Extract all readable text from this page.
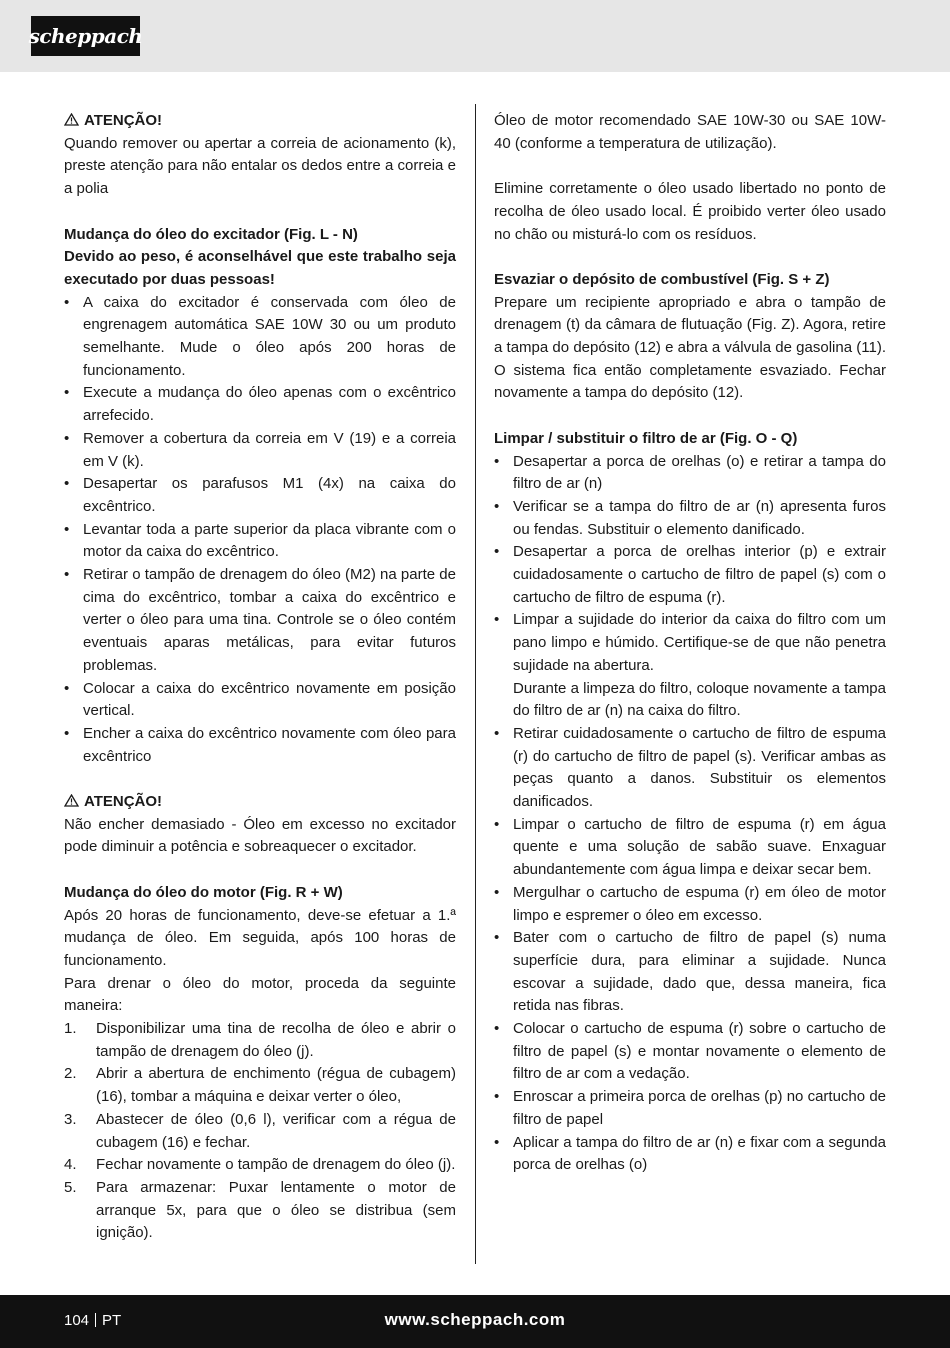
scheppach

ATENÇÃO!

Quando remover ou apertar a correia de acionamento (k), preste atenção para não entalar os dedos entre a correia e a polia

Mudança do óleo do excitador (Fig. L - N)

Devido ao peso, é aconselhável que este trabalho seja executado por duas pessoas!

• A caixa do excitador é conservada com óleo de engrenagem automática SAE 10W 30 ou um produto semelhante. Mude o óleo após 200 horas de funcionamento.
• Execute a mudança do óleo apenas com o excêntrico arrefecido.
• Remover a cobertura da correia em V (19) e a correia em V (k).
• Desapertar os parafusos M1 (4x) na caixa do excêntrico.
• Levantar toda a parte superior da placa vibrante com o motor da caixa do excêntrico.
• Retirar o tampão de drenagem do óleo (M2) na parte de cima do excêntrico, tombar a caixa do excêntrico e verter o óleo para uma tina. Controle se o óleo contém eventuais aparas metálicas, para evitar futuros problemas.
• Colocar a caixa do excêntrico novamente em posição vertical.
• Encher a caixa do excêntrico novamente com óleo para excêntrico

ATENÇÃO!

Não encher demasiado - Óleo em excesso no excitador pode diminuir a potência e sobreaquecer o excitador.

Mudança do óleo do motor (Fig. R + W)

Após 20 horas de funcionamento, deve-se efetuar a 1.ª mudança de óleo. Em seguida, após 100 horas de funcionamento.

Para drenar o óleo do motor, proceda da seguinte maneira:

1. Disponibilizar uma tina de recolha de óleo e abrir o tampão de drenagem do óleo (j).
2. Abrir a abertura de enchimento (régua de cubagem) (16), tombar a máquina e deixar verter o óleo,
3. Abastecer de óleo (0,6 l), verificar com a régua de cubagem (16) e fechar.
4. Fechar novamente o tampão de drenagem do óleo (j).
5. Para armazenar: Puxar lentamente o motor de arranque 5x, para que o óleo se distribua (sem ignição).

Óleo de motor recomendado SAE 10W-30 ou SAE 10W-40 (conforme a temperatura de utilização).

Elimine corretamente o óleo usado libertado no ponto de recolha de óleo usado local. É proibido verter óleo usado no chão ou misturá-lo com os resíduos.

Esvaziar o depósito de combustível (Fig. S + Z)

Prepare um recipiente apropriado e abra o tampão de drenagem (t) da câmara de flutuação (Fig. Z). Agora, retire a tampa do depósito (12) e abra a válvula de gasolina (11). O sistema fica então completamente esvaziado. Fechar novamente a tampa do depósito (12).

Limpar / substituir o filtro de ar (Fig. O - Q)

• Desapertar a porca de orelhas (o) e retirar a tampa do filtro de ar (n)
• Verificar se a tampa do filtro de ar (n) apresenta furos ou fendas. Substituir o elemento danificado.
• Desapertar a porca de orelhas interior (p) e extrair cuidadosamente o cartucho de filtro de papel (s) com o cartucho de filtro de espuma (r).
• Limpar a sujidade do interior da caixa do filtro com um pano limpo e húmido. Certifique-se de que não penetra sujidade na abertura.
Durante a limpeza do filtro, coloque novamente a tampa do filtro de ar (n) na caixa do filtro.
• Retirar cuidadosamente o cartucho de filtro de espuma (r) do cartucho de filtro de papel (s). Verificar ambas as peças quanto a danos. Substituir os elementos danificados.
• Limpar o cartucho de filtro de espuma (r) em água quente e uma solução de sabão suave. Enxaguar abundantemente com água limpa e deixar secar bem.
• Mergulhar o cartucho de espuma (r) em óleo de motor limpo e espremer o óleo em excesso.
• Bater com o cartucho de filtro de papel (s) numa superfície dura, para eliminar a sujidade. Nunca escovar a sujidade, dado que, dessa maneira, fica retida nas fibras.
• Colocar o cartucho de espuma (r) sobre o cartucho de filtro de papel (s) e montar novamente o elemento de filtro de ar com a vedação.
• Enroscar a primeira porca de orelhas (p) no cartucho de filtro de papel
• Aplicar a tampa do filtro de ar (n) e fixar com a segunda porca de orelhas (o)
104 PT	www.scheppach.com
